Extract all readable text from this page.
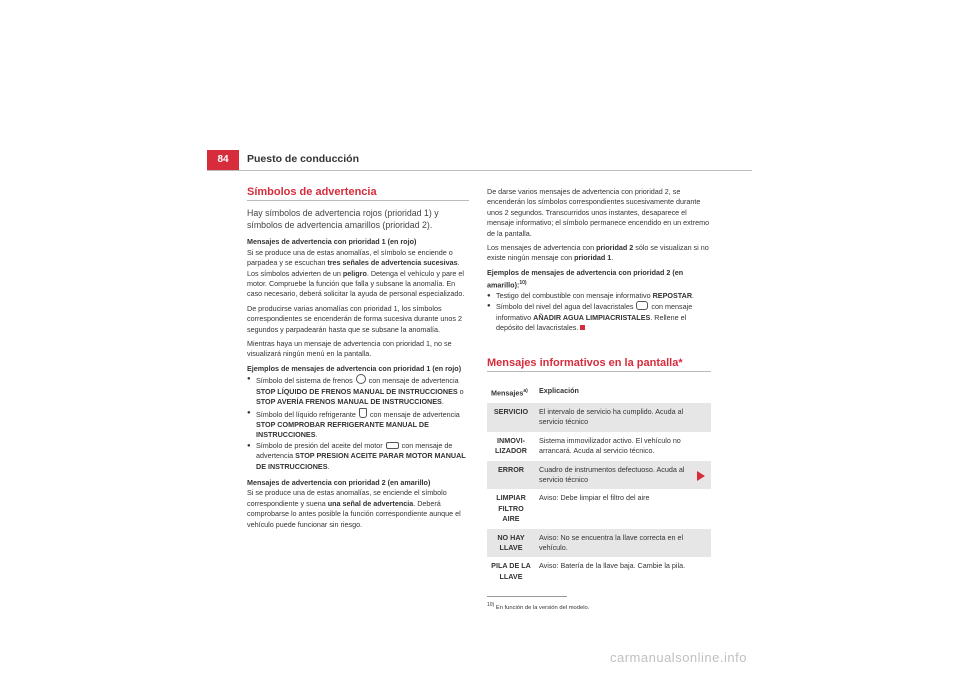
84	Puesto de conducción
Símbolos de advertencia
Hay símbolos de advertencia rojos (prioridad 1) y símbolos de advertencia amarillos (prioridad 2).
Mensajes de advertencia con prioridad 1 (en rojo)

Si se produce una de estas anomalías, el símbolo se enciende o parpadea y se escuchan tres señales de advertencia sucesivas. Los símbolos advierten de un peligro. Detenga el vehículo y pare el motor. Compruebe la función que falla y subsane la anomalía. En caso necesario, deberá solicitar la ayuda de personal especializado.

De producirse varias anomalías con prioridad 1, los símbolos correspondientes se encenderán de forma sucesiva durante unos 2 segundos y parpadearán hasta que se subsane la anomalía.

Mientras haya un mensaje de advertencia con prioridad 1, no se visualizará ningún menú en la pantalla.

Ejemplos de mensajes de advertencia con prioridad 1 (en rojo)
● Símbolo del sistema de frenos  con mensaje de advertencia STOP LÍQUIDO DE FRENOS MANUAL DE INSTRUCCIONES o STOP AVERÍA FRENOS MANUAL DE INSTRUCCIONES.
● Símbolo del líquido refrigerante  con mensaje de advertencia STOP COMPROBAR REFRIGERANTE MANUAL DE INSTRUCCIONES.
● Símbolo de presión del aceite del motor  con mensaje de advertencia STOP PRESION ACEITE PARAR MOTOR MANUAL DE INSTRUCCIONES.
Mensajes de advertencia con prioridad 2 (en amarillo)

Si se produce una de estas anomalías, se enciende el símbolo correspondiente y suena una señal de advertencia. Deberá comprobarse lo antes posible la función correspondiente aunque el vehículo puede funcionar sin riesgo.

De darse varios mensajes de advertencia con prioridad 2, se encenderán los símbolos correspondientes sucesivamente durante unos 2 segundos. Transcurridos unos instantes, desaparece el mensaje informativo; el símbolo permanece encendido en un extremo de la pantalla.

Los mensajes de advertencia con prioridad 2 sólo se visualizan si no existe ningún mensaje con prioridad 1.

Ejemplos de mensajes de advertencia con prioridad 2 (en amarillo):$^{10)}$
● Testigo del combustible con mensaje informativo REPOSTAR.
● Símbolo del nivel del agua del lavacristales  con mensaje informativo AÑADIR AGUA LIMPIACRISTALES. Rellene el depósito del lavacristales.
Mensajes informativos en la pantalla*
Mensajes$^{a)}$	Explicación
SERVICIO	El intervalo de servicio ha cumplido. Acuda al servicio técnico
INMOVI-LIZADOR	Sistema immovilizador activo. El vehículo no arrancará. Acuda al servicio técnico.
ERROR	Cuadro de instrumentos defectuoso. Acuda al servicio técnico
LIMPIAR FILTRO AIRE	Aviso: Debe limpiar el filtro del aire
NO HAY LLAVE	Aviso: No se encuentra la llave correcta en el vehículo.
PILA DE LA LLAVE	Aviso: Batería de la llave baja. Cambie la pila.
$^{10)}$ En función de la versión del modelo.
carmanualsonline.info
